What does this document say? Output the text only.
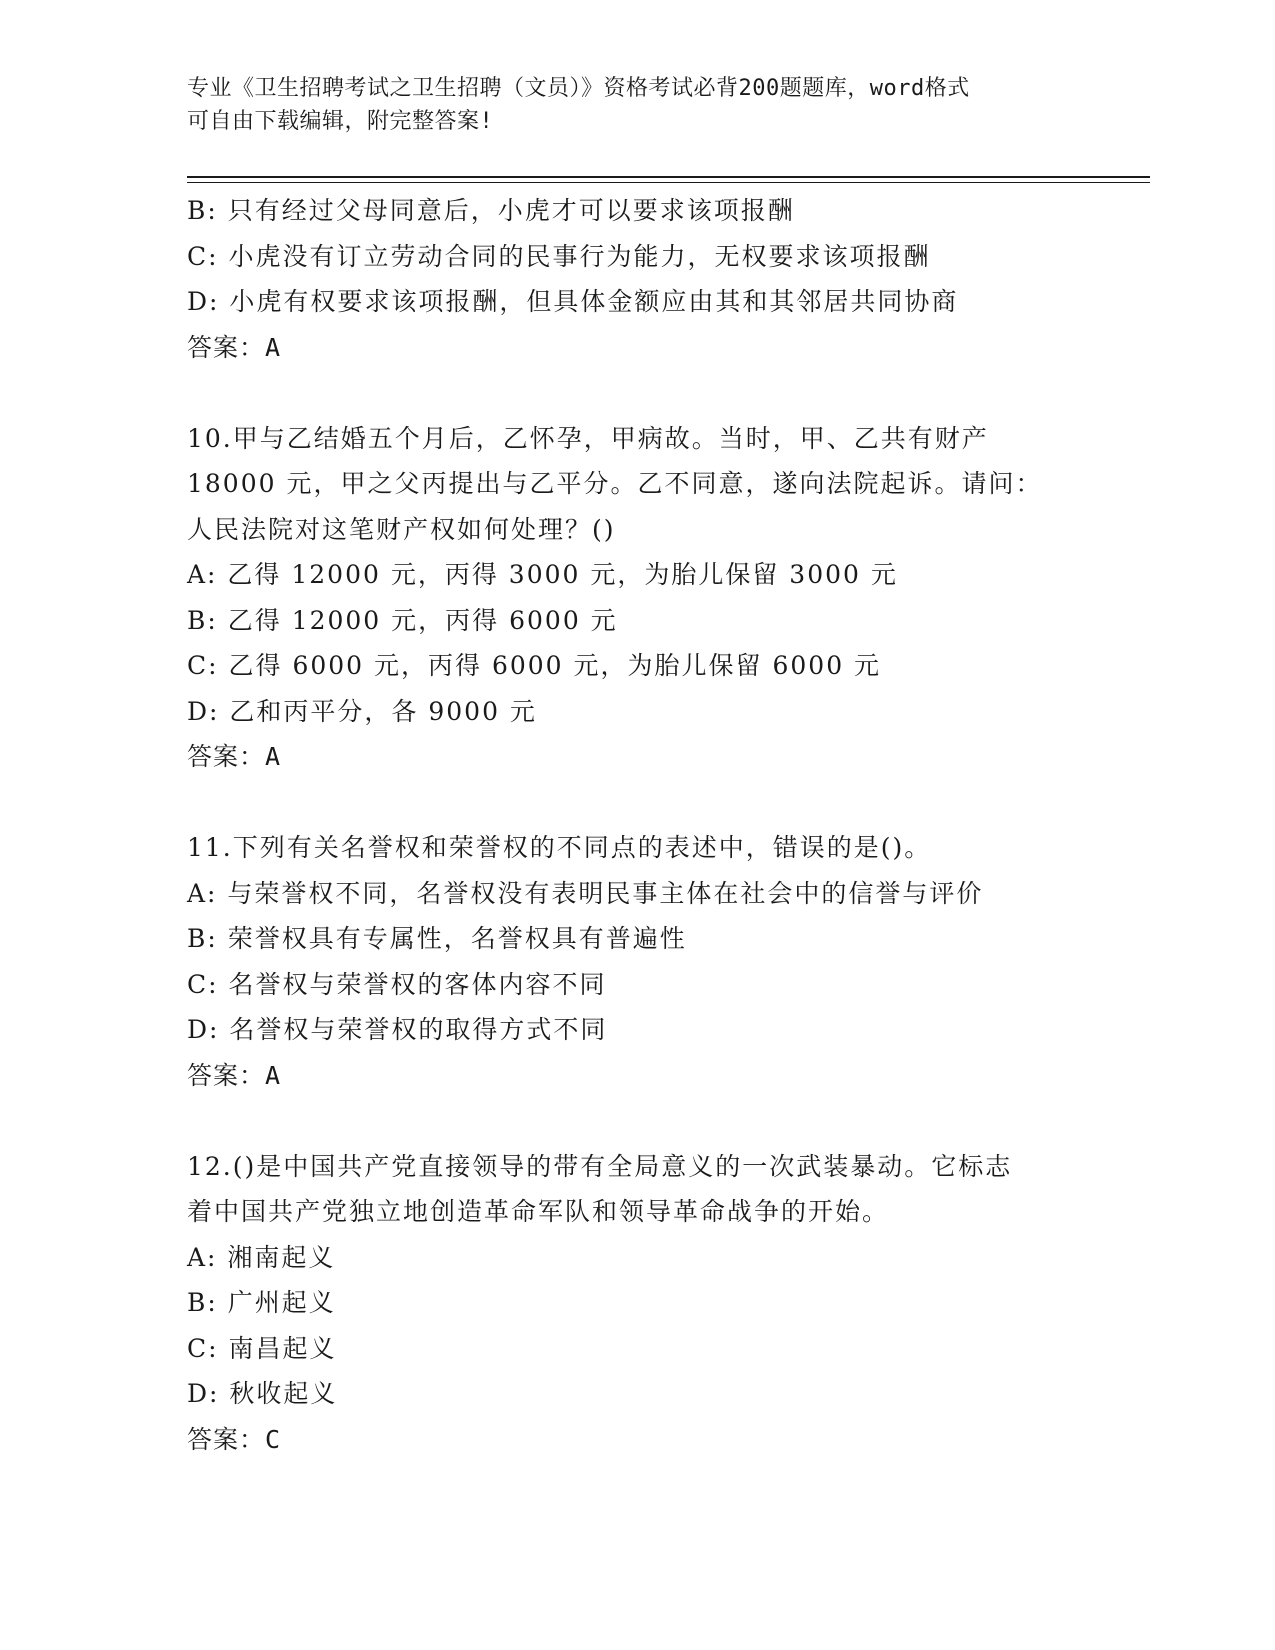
专业《卫生招聘考试之卫生招聘（文员）》资格考试必背200题题库，word格式
可自由下载编辑，附完整答案!
B: 只有经过父母同意后，小虎才可以要求该项报酬
C: 小虎没有订立劳动合同的民事行为能力，无权要求该项报酬
D: 小虎有权要求该项报酬，但具体金额应由其和其邻居共同协商
答案：A
10.甲与乙结婚五个月后，乙怀孕，甲病故。当时，甲、乙共有财产
18000 元，甲之父丙提出与乙平分。乙不同意，遂向法院起诉。请问：
人民法院对这笔财产权如何处理？()
A: 乙得 12000 元，丙得 3000 元，为胎儿保留 3000 元
B: 乙得 12000 元，丙得 6000 元
C: 乙得 6000 元，丙得 6000 元，为胎儿保留 6000 元
D: 乙和丙平分，各 9000 元
答案：A
11.下列有关名誉权和荣誉权的不同点的表述中，错误的是()。
A: 与荣誉权不同，名誉权没有表明民事主体在社会中的信誉与评价
B: 荣誉权具有专属性，名誉权具有普遍性
C: 名誉权与荣誉权的客体内容不同
D: 名誉权与荣誉权的取得方式不同
答案：A
12.()是中国共产党直接领导的带有全局意义的一次武装暴动。它标志
着中国共产党独立地创造革命军队和领导革命战争的开始。
A: 湘南起义
B: 广州起义
C: 南昌起义
D: 秋收起义
答案：C
